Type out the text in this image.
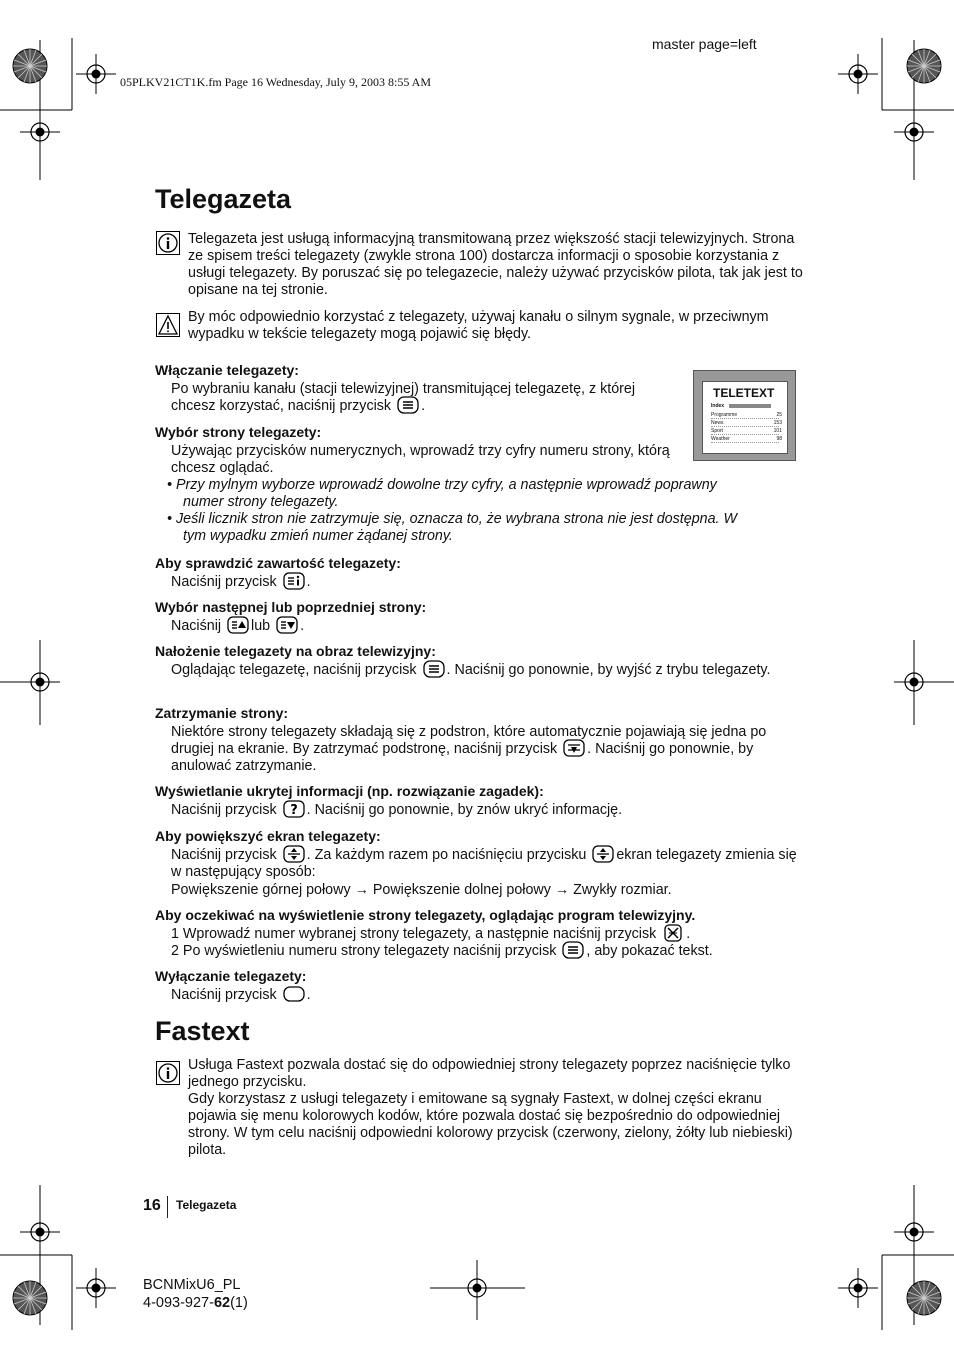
master page=left
05PLKV21CT1K.fm Page 16 Wednesday, July 9, 2003 8:55 AM
Telegazeta
Telegazeta jest usługą informacyjną transmitowaną przez większość stacji telewizyjnych. Strona ze spisem treści telegazety (zwykle strona 100) dostarcza informacji o sposobie korzystania z usługi telegazety. By poruszać się po telegazecie, należy używać przycisków pilota, tak jak jest to opisane na tej stronie.
By móc odpowiednio korzystać z telegazety, używaj kanału o silnym sygnale, w przeciwnym wypadku w tekście telegazety mogą pojawić się błędy.
TELETEXT
Index
Programme	25
News	153
Sport	101
Weather	98
Włączanie telegazety:
Po wybraniu kanału (stacji telewizyjnej) transmitującej telegazetę, z której chcesz korzystać, naciśnij przycisk .
Wybór strony telegazety:
Używając przycisków numerycznych, wprowadź trzy cyfry numeru strony, którą chcesz oglądać.
• Przy mylnym wyborze wprowadź dowolne trzy cyfry, a następnie wprowadź poprawny
numer strony telegazety.
• Jeśli licznik stron nie zatrzymuje się, oznacza to, że wybrana strona nie jest dostępna. W
tym wypadku zmień numer żądanej strony.
Aby sprawdzić zawartość telegazety:
Naciśnij przycisk .
Wybór następnej lub poprzedniej strony:
Naciśnij lub .
Nałożenie telegazety na obraz telewizyjny:
Oglądając telegazetę, naciśnij przycisk . Naciśnij go ponownie, by wyjść z trybu telegazety.
Zatrzymanie strony:
Niektóre strony telegazety składają się z podstron, które automatycznie pojawiają się jedna po drugiej na ekranie. By zatrzymać podstronę, naciśnij przycisk . Naciśnij go ponownie, by anulować zatrzymanie.
Wyświetlanie ukrytej informacji (np. rozwiązanie zagadek):
Naciśnij przycisk ? . Naciśnij go ponownie, by znów ukryć informację.
Aby powiększyć ekran telegazety:
Naciśnij przycisk . Za każdym razem po naciśnięciu przycisku ekran telegazety zmienia się w następujący sposób:
Powiększenie górnej połowy → Powiększenie dolnej połowy → Zwykły rozmiar.
Aby oczekiwać na wyświetlenie strony telegazety, oglądając program telewizyjny.
1 Wprowadź numer wybranej strony telegazety, a następnie naciśnij przycisk .
2 Po wyświetleniu numeru strony telegazety naciśnij przycisk , aby pokazać tekst.
Wyłączanie telegazety:
Naciśnij przycisk .
Fastext
Usługa Fastext pozwala dostać się do odpowiedniej strony telegazety poprzez naciśnięcie tylko jednego przycisku.
Gdy korzystasz z usługi telegazety i emitowane są sygnały Fastext, w dolnej części ekranu pojawia się menu kolorowych kodów, które pozwala dostać się bezpośrednio do odpowiedniej strony. W tym celu naciśnij odpowiedni kolorowy przycisk (czerwony, zielony, żółty lub niebieski) pilota.
16 Telegazeta
BCNMixU6_PL
4-093-927-62(1)
